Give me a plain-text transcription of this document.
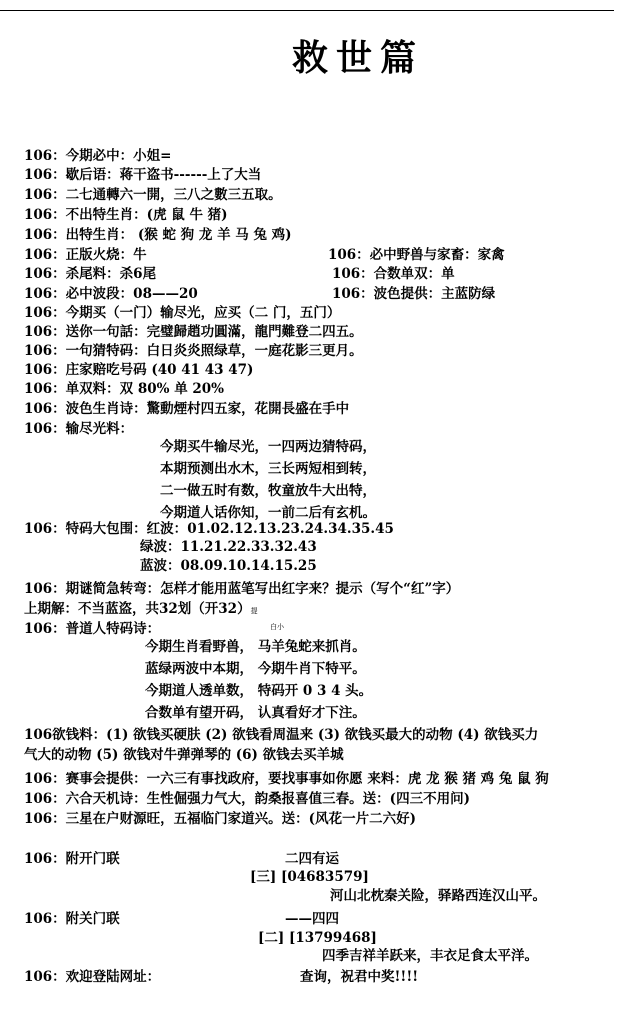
救世篇
106：今期必中：小姐=
106：歇后语：蒋干盗书------上了大当
106：二七通轉六一開，三八之數三五取。
106：不出特生肖：(虎 鼠 牛 猪)
106：出特生肖： (猴 蛇 狗 龙 羊 马 兔 鸡)
106：正版火烧：牛	106：必中野兽与家畜：家禽
106：杀尾料：杀6尾	106：合数单双：单
106：必中波段：08——20	106：波色提供：主蓝防绿
106：今期买（一门）输尽光，应买（二 门，五门）
106：送你一句話：完璧歸趙功圓滿，龍門難登二四五。
106：一句猜特码：白日炎炎照绿草，一庭花影三更月。
106：庄家赔吃号码 (40 41 43 47)
106：单双料：双 80% 单 20%
106：波色生肖诗：驚動煙村四五家，花開長盛在手中
106：输尽光料：
今期买牛输尽光，一四两边猜特码，
本期预测出水木，三长两短相到转，
二一做五时有数，牧童放牛大出特，
今期道人话你知，一前二后有玄机。
106：特码大包围：红波：01.02.12.13.23.24.34.35.45
绿波：11.21.22.33.32.43
蓝波：08.09.10.14.15.25
106：期谜简急转弯：怎样才能用蓝笔写出红字来？提示（写个“红”字）
上期解：不当蓝盗，共32划（开32）提
106：普道人特码诗：	白小
今期生肖看野兽， 马羊兔蛇来抓肖。
蓝绿两波中本期， 今期牛肖下特平。
今期道人透单数， 特码开 0 3 4 头。
合数单有望开码， 认真看好才下注。
106欲钱料：(1) 欲钱买硬肤 (2) 欲钱看周温来 (3) 欲钱买最大的动物 (4) 欲钱买力
气大的动物 (5) 欲钱对牛弹弹琴的 (6) 欲钱去买羊城
106：赛事会提供：一六三有事找政府，要找事事如你愿 来料：虎 龙 猴 猪 鸡 兔 鼠 狗
106：六合天机诗：生性倔强力气大，韵桑报喜值三春。送：(四三不用问)
106：三星在户财源旺，五福临门家道兴。送：(风花一片二六好)
106：附开门联	二四有运
[三] [04683579]
河山北枕秦关险，驿路西连汉山平。
106：附关门联	——四四
[二] [13799468]
四季吉祥羊跃来，丰衣足食太平洋。
106：欢迎登陆网址：	查询，祝君中奖!!!!
